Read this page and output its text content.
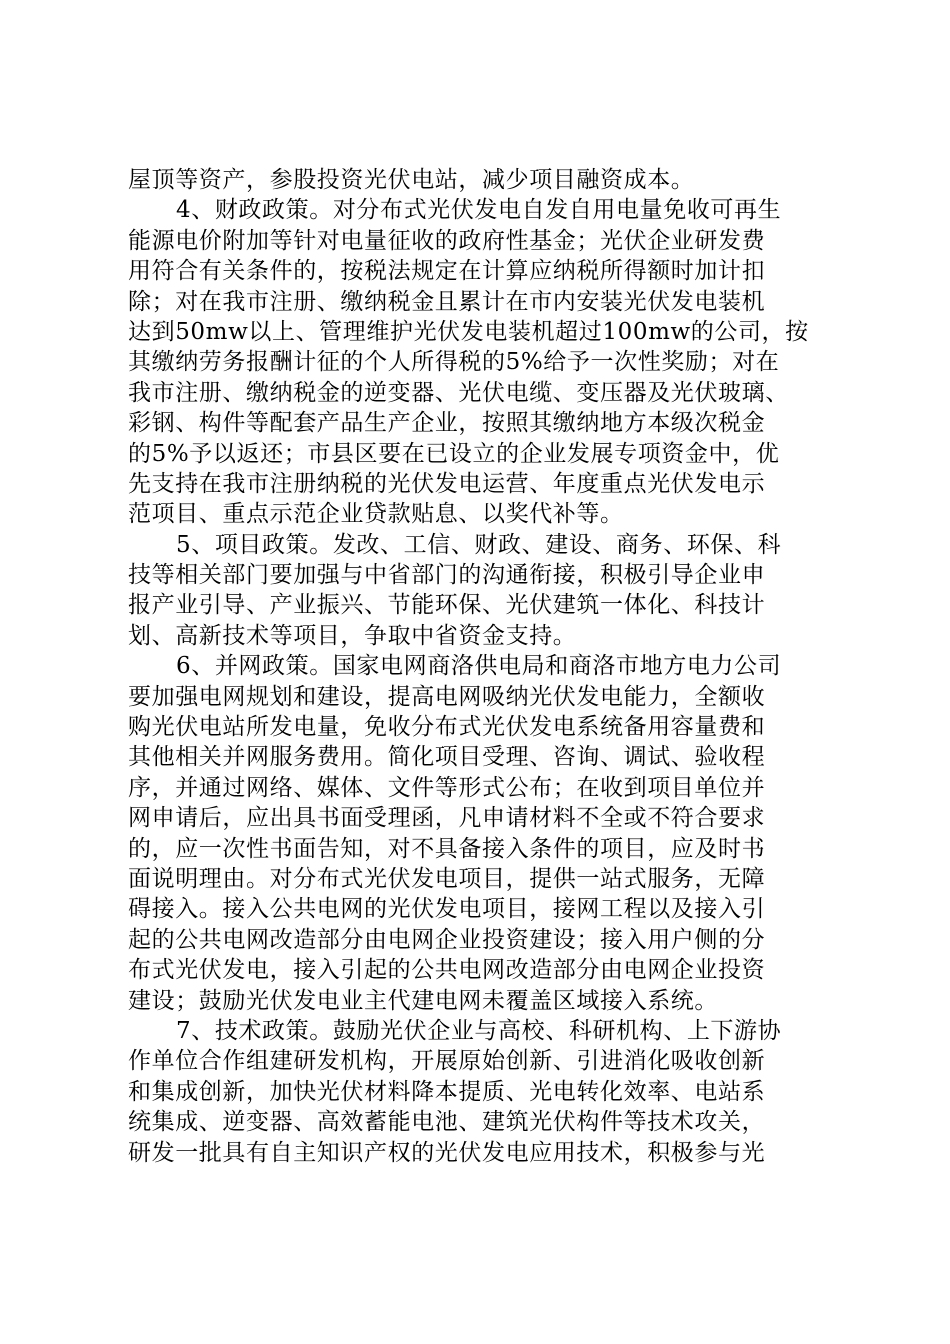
屋顶等资产，参股投资光伏电站，减少项目融资成本。
4、财政政策。对分布式光伏发电自发自用电量免收可再生
能源电价附加等针对电量征收的政府性基金；光伏企业研发费
用符合有关条件的，按税法规定在计算应纳税所得额时加计扣
除；对在我市注册、缴纳税金且累计在市内安装光伏发电装机
达到50mw以上、管理维护光伏发电装机超过100mw的公司，按
其缴纳劳务报酬计征的个人所得税的5%给予一次性奖励；对在
我市注册、缴纳税金的逆变器、光伏电缆、变压器及光伏玻璃、
彩钢、构件等配套产品生产企业，按照其缴纳地方本级次税金
的5%予以返还；市县区要在已设立的企业发展专项资金中，优
先支持在我市注册纳税的光伏发电运营、年度重点光伏发电示
范项目、重点示范企业贷款贴息、以奖代补等。
5、项目政策。发改、工信、财政、建设、商务、环保、科
技等相关部门要加强与中省部门的沟通衔接，积极引导企业申
报产业引导、产业振兴、节能环保、光伏建筑一体化、科技计
划、高新技术等项目，争取中省资金支持。
6、并网政策。国家电网商洛供电局和商洛市地方电力公司
要加强电网规划和建设，提高电网吸纳光伏发电能力，全额收
购光伏电站所发电量，免收分布式光伏发电系统备用容量费和
其他相关并网服务费用。简化项目受理、咨询、调试、验收程
序，并通过网络、媒体、文件等形式公布；在收到项目单位并
网申请后，应出具书面受理函，凡申请材料不全或不符合要求
的，应一次性书面告知，对不具备接入条件的项目，应及时书
面说明理由。对分布式光伏发电项目，提供一站式服务，无障
碍接入。接入公共电网的光伏发电项目，接网工程以及接入引
起的公共电网改造部分由电网企业投资建设；接入用户侧的分
布式光伏发电，接入引起的公共电网改造部分由电网企业投资
建设；鼓励光伏发电业主代建电网未覆盖区域接入系统。
7、技术政策。鼓励光伏企业与高校、科研机构、上下游协
作单位合作组建研发机构，开展原始创新、引进消化吸收创新
和集成创新，加快光伏材料降本提质、光电转化效率、电站系
统集成、逆变器、高效蓄能电池、建筑光伏构件等技术攻关，
研发一批具有自主知识产权的光伏发电应用技术，积极参与光
